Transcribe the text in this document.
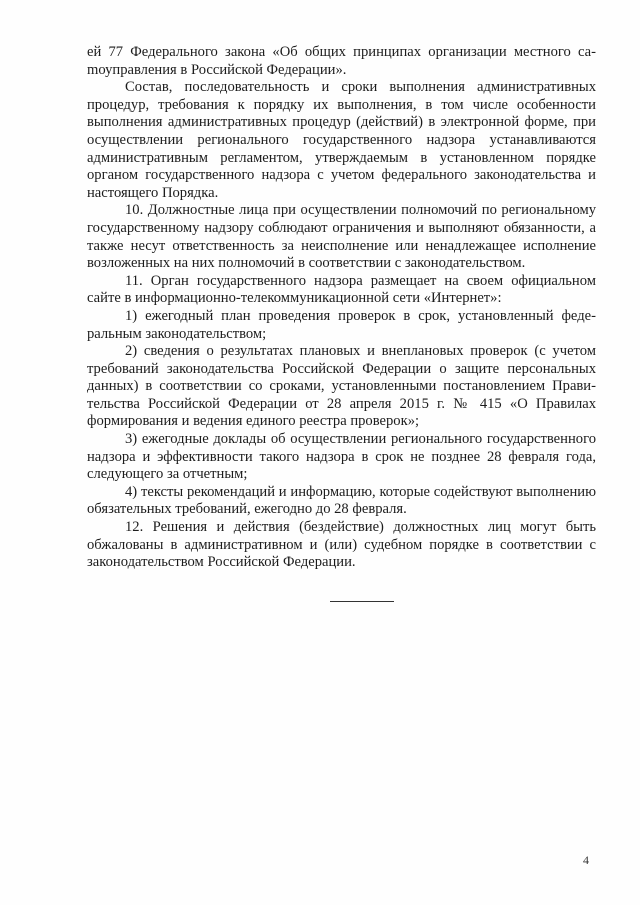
ей 77 Федерального закона «Об общих принципах организации местного саmоуправления в Российской Федерации».

Состав, последовательность и сроки выполнения административных процедур, требования к порядку их выполнения, в том числе особенности выполнения административных процедур (действий) в электронной форме, при осуществлении регионального государственного надзора устанавливаются административным регламентом, утверждаемым в установленном порядке органом государственного надзора с учетом федерального законодательства и настоящего Порядка.

10. Должностные лица при осуществлении полномочий по региональному государственному надзору соблюдают ограничения и выполняют обязанности, а также несут ответственность за неисполнение или ненадлежащее исполнение возложенных на них полномочий в соответствии с законодательством.

11. Орган государственного надзора размещает на своем официальном сайте в информационно-телекоммуникационной сети «Интернет»:

1) ежегодный план проведения проверок в срок, установленный федеральным законодательством;

2) сведения о результатах плановых и внеплановых проверок (с учетом требований законодательства Российской Федерации о защите персональных данных) в соответствии со сроками, установленными постановлением Правительства Российской Федерации от 28 апреля 2015 г. № 415 «О Правилах формирования и ведения единого реестра проверок»;

3) ежегодные доклады об осуществлении регионального государственного надзора и эффективности такого надзора в срок не позднее 28 февраля года, следующего за отчетным;

4) тексты рекомендаций и информацию, которые содействуют выполнению обязательных требований, ежегодно до 28 февраля.

12. Решения и действия (бездействие) должностных лиц могут быть обжалованы в административном и (или) судебном порядке в соответствии с законодательством Российской Федерации.

4
